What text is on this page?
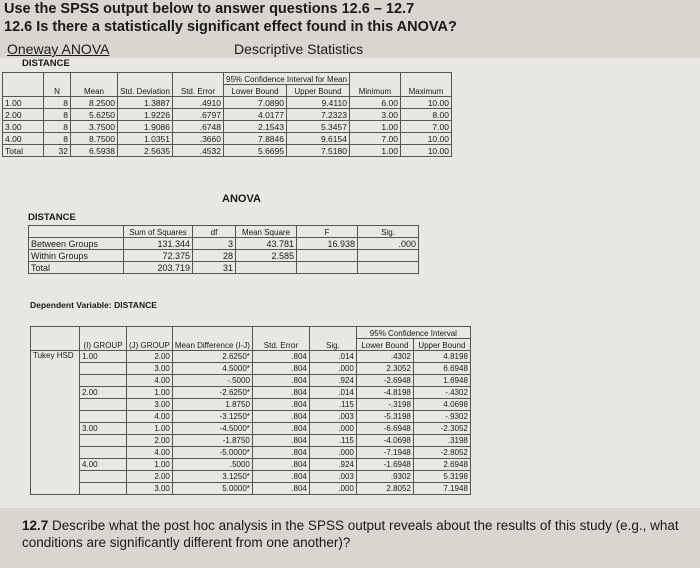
Use the SPSS output below to answer questions 12.6 – 12.7
12.6 Is there a statistically significant effect found in this ANOVA?
Oneway ANOVA	Descriptive Statistics
DISTANCE
	N	Mean	Std. Deviation	Std. Error	95% Confidence Interval for Mean		Minimum	Maximum
					Lower Bound	Upper Bound		
1.00	8	8.2500	1.3887	.4910	7.0890	9.4110	6.00	10.00
2.00	8	5.6250	1.9226	.6797	4.0177	7.2323	3.00	8.00
3.00	8	3.7500	1.9086	.6748	2.1543	5.3457	1.00	7.00
4.00	8	8.7500	1.0351	.3660	7.8846	9.6154	7.00	10.00
Total	32	6.5938	2.5635	.4532	5.6695	7.5180	1.00	10.00
ANOVA
DISTANCE
	Sum of Squares	df	Mean Square	F	Sig.
Between Groups	131.344	3	43.781	16.938	.000
Within Groups	72.375	28	2.585		
Total	203.719	31			
Dependent Variable: DISTANCE
	(I) GROUP	(J) GROUP	Mean Difference (I-J)	Std. Error	Sig.	95% Confidence Interval	
						Lower Bound	Upper Bound
Tukey HSD	1.00	2.00	2.6250*	.804	.014	.4302	4.8198
		3.00	4.5000*	.804	.000	2.3052	6.6948
		4.00	-.5000	.804	.924	-2.6948	1.6948
	2.00	1.00	-2.6250*	.804	.014	-4.8198	-.4302
		3.00	1.8750	.804	.115	-.3198	4.0698
		4.00	-3.1250*	.804	.003	-5.3198	-.9302
	3.00	1.00	-4.5000*	.804	.000	-6.6948	-2.3052
		2.00	-1.8750	.804	.115	-4.0698	.3198
		4.00	-5.0000*	.804	.000	-7.1948	-2.8052
	4.00	1.00	.5000	.804	.924	-1.6948	2.6948
		2.00	3.1250*	.804	.003	.9302	5.3198
		3.00	5.0000*	.804	.000	2.8052	7.1948
12.7 Describe what the post hoc analysis in the SPSS output reveals about the results of this study (e.g., what conditions are significantly different from one another)?
